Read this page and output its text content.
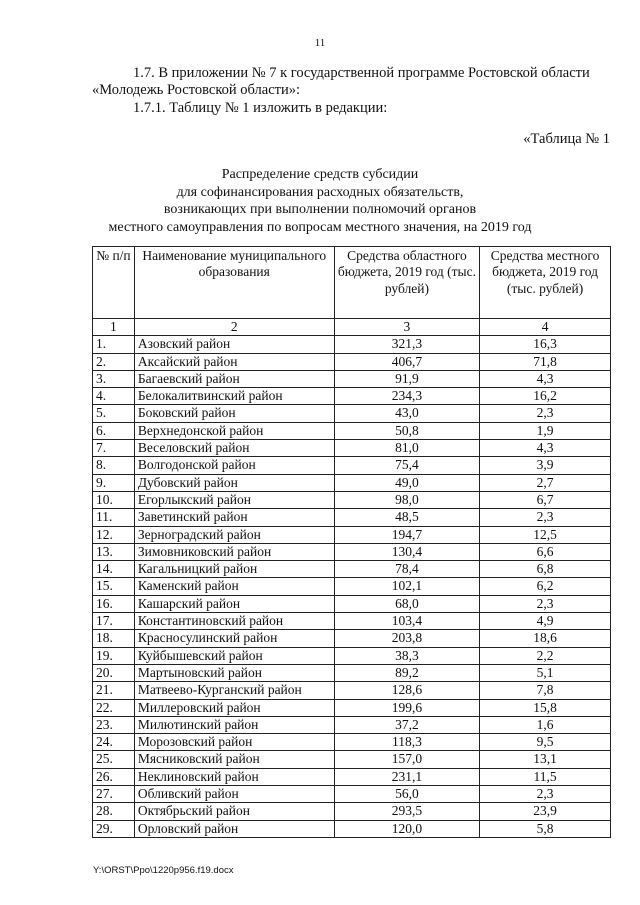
11
1.7. В приложении № 7 к государственной программе Ростовской области
«Молодежь Ростовской области»:
1.7.1. Таблицу № 1 изложить в редакции:
«Таблица № 1
Распределение средств субсидии
для софинансирования расходных обязательств,
возникающих при выполнении полномочий органов
местного самоуправления по вопросам местного значения, на 2019 год
№ п/п	Наименование муниципального образования	Средства областного бюджета, 2019 год (тыс. рублей)	Средства местного бюджета, 2019 год (тыс. рублей)
1	2	3	4
1.	Азовский район	321,3	16,3
2.	Аксайский район	406,7	71,8
3.	Багаевский район	91,9	4,3
4.	Белокалитвинский район	234,3	16,2
5.	Боковский район	43,0	2,3
6.	Верхнедонской район	50,8	1,9
7.	Веселовский район	81,0	4,3
8.	Волгодонской район	75,4	3,9
9.	Дубовский район	49,0	2,7
10.	Егорлыкский район	98,0	6,7
11.	Заветинский район	48,5	2,3
12.	Зерноградский район	194,7	12,5
13.	Зимовниковский район	130,4	6,6
14.	Кагальницкий район	78,4	6,8
15.	Каменский район	102,1	6,2
16.	Кашарский район	68,0	2,3
17.	Константиновский район	103,4	4,9
18.	Красносулинский район	203,8	18,6
19.	Куйбышевский район	38,3	2,2
20.	Мартыновский район	89,2	5,1
21.	Матвеево-Курганский район	128,6	7,8
22.	Миллеровский район	199,6	15,8
23.	Милютинский район	37,2	1,6
24.	Морозовский район	118,3	9,5
25.	Мясниковский район	157,0	13,1
26.	Неклиновский район	231,1	11,5
27.	Обливский район	56,0	2,3
28.	Октябрьский район	293,5	23,9
29.	Орловский район	120,0	5,8
Y:\ORST\Ppo\1220p956.f19.docx
